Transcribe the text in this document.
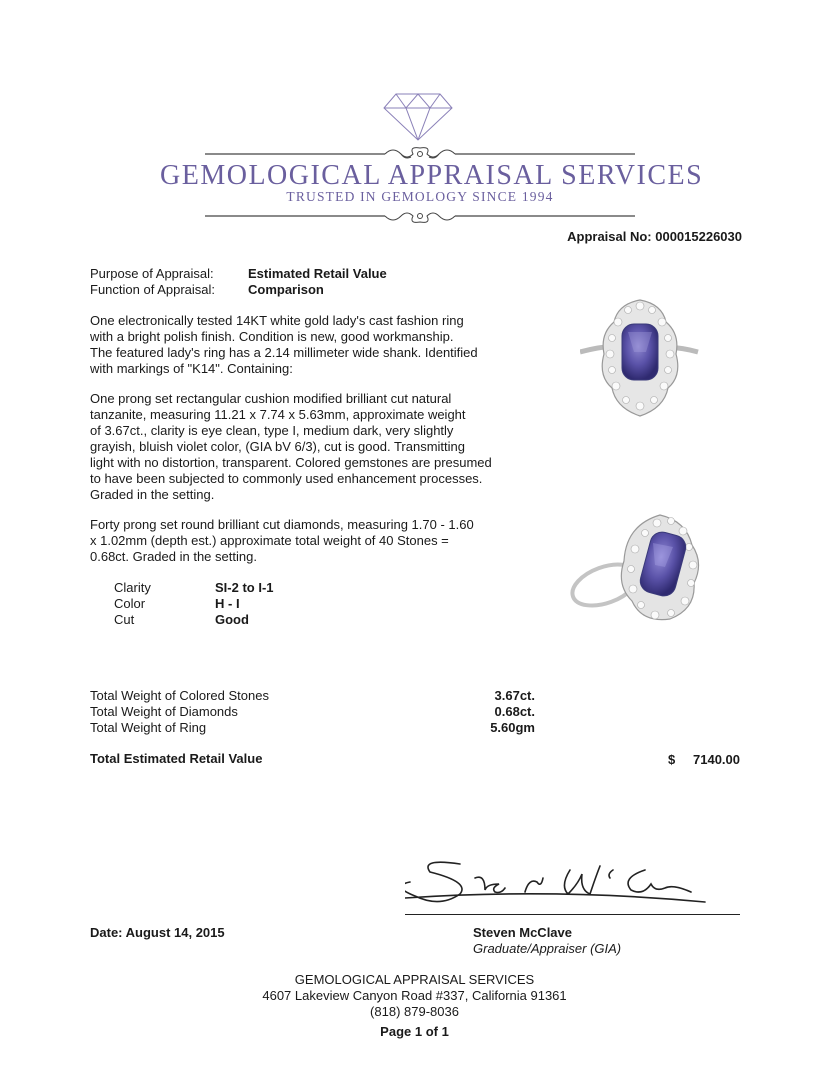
GEMOLOGICAL APPRAISAL SERVICES
TRUSTED IN GEMOLOGY SINCE 1994
Appraisal No: 000015226030
Purpose of Appraisal:	Estimated Retail Value
Function of Appraisal:	Comparison
One electronically tested 14KT white gold lady's cast fashion ring
with a bright polish finish. Condition is new, good workmanship.
The featured lady's ring has a 2.14 millimeter wide shank. Identified
with markings of "K14". Containing:
One prong set rectangular cushion modified brilliant cut natural
tanzanite, measuring 11.21 x 7.74 x 5.63mm, approximate weight
of 3.67ct., clarity is eye clean, type I, medium dark, very slightly
grayish, bluish violet color, (GIA bV 6/3), cut is good. Transmitting
light with no distortion, transparent. Colored gemstones are presumed
to have been subjected to commonly used enhancement processes.
Graded in the setting.
Forty prong set round brilliant cut diamonds, measuring 1.70 - 1.60
x 1.02mm (depth est.) approximate total weight of 40 Stones =
0.68ct. Graded in the setting.
Clarity	SI-2 to I-1
Color	H - I
Cut	Good
Total Weight of Colored Stones	3.67ct.
Total Weight of Diamonds	0.68ct.
Total Weight of Ring	5.60gm
Total Estimated Retail Value	$	7140.00
Date: August 14, 2015	Steven McClave
Graduate/Appraiser (GIA)
GEMOLOGICAL APPRAISAL SERVICES
4607 Lakeview Canyon Road #337, California 91361
(818) 879-8036
Page 1 of 1
